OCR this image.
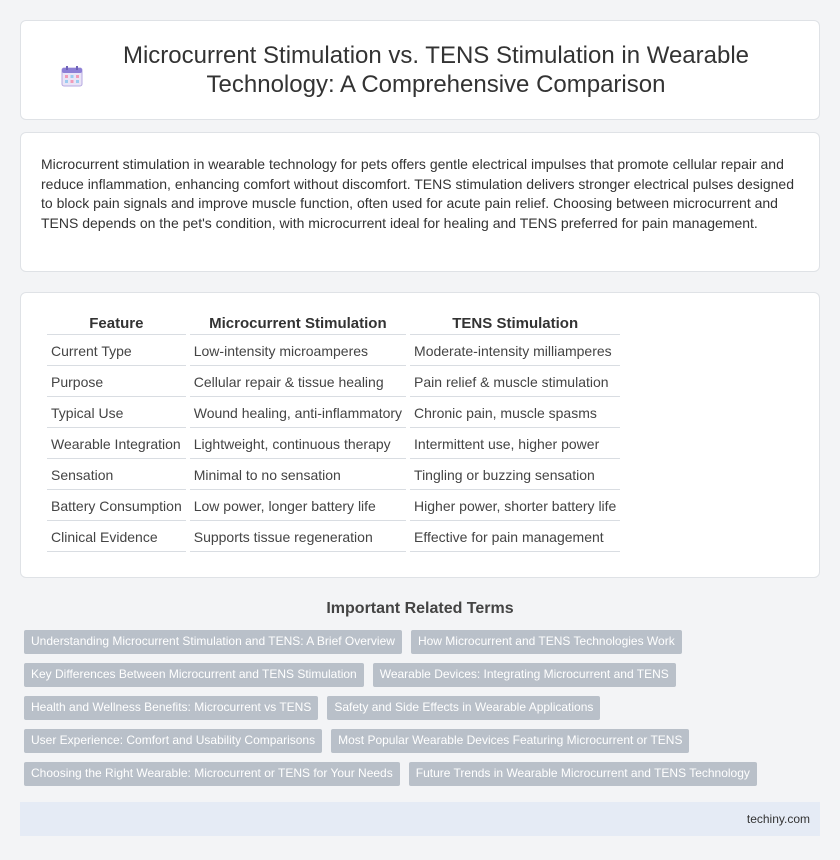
Microcurrent Stimulation vs. TENS Stimulation in Wearable Technology: A Comprehensive Comparison

Microcurrent stimulation in wearable technology for pets offers gentle electrical impulses that promote cellular repair and reduce inflammation, enhancing comfort without discomfort. TENS stimulation delivers stronger electrical pulses designed to block pain signals and improve muscle function, often used for acute pain relief. Choosing between microcurrent and TENS depends on the pet's condition, with microcurrent ideal for healing and TENS preferred for pain management.

Feature	Microcurrent Stimulation	TENS Stimulation
Current Type	Low-intensity microamperes	Moderate-intensity milliamperes
Purpose	Cellular repair & tissue healing	Pain relief & muscle stimulation
Typical Use	Wound healing, anti-inflammatory	Chronic pain, muscle spasms
Wearable Integration	Lightweight, continuous therapy	Intermittent use, higher power
Sensation	Minimal to no sensation	Tingling or buzzing sensation
Battery Consumption	Low power, longer battery life	Higher power, shorter battery life
Clinical Evidence	Supports tissue regeneration	Effective for pain management
Important Related Terms
Understanding Microcurrent Stimulation and TENS: A Brief Overview	How Microcurrent and TENS Technologies Work
Key Differences Between Microcurrent and TENS Stimulation	Wearable Devices: Integrating Microcurrent and TENS
Health and Wellness Benefits: Microcurrent vs TENS	Safety and Side Effects in Wearable Applications
User Experience: Comfort and Usability Comparisons	Most Popular Wearable Devices Featuring Microcurrent or TENS
Choosing the Right Wearable: Microcurrent or TENS for Your Needs	Future Trends in Wearable Microcurrent and TENS Technology
techiny.com
